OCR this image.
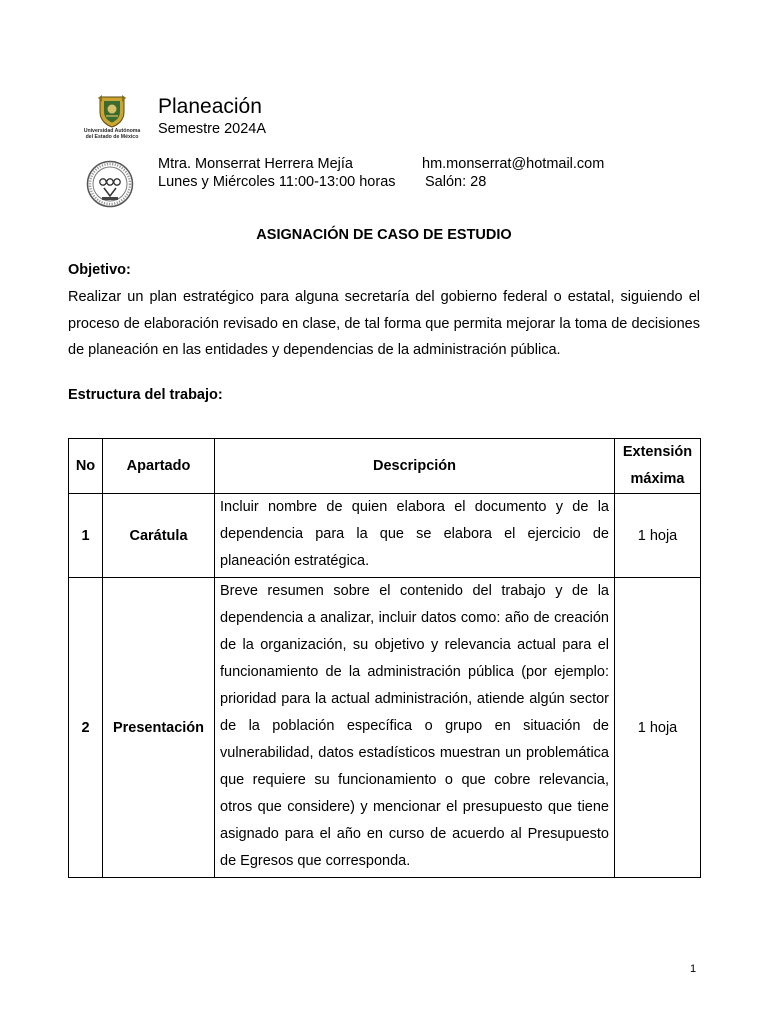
Universidad Autónoma
del Estado de México
Planeación
Semestre 2024A
Mtra. Monserrat Herrera Mejía	hm.monserrat@hotmail.com
Lunes y Miércoles 11:00-13:00 horas Salón: 28
ASIGNACIÓN DE CASO DE ESTUDIO
Objetivo:
Realizar un plan estratégico para alguna secretaría del gobierno federal o estatal, siguiendo el proceso de elaboración revisado en clase, de tal forma que permita mejorar la toma de decisiones de planeación en las entidades y dependencias de la administración pública.
Estructura del trabajo:
No	Apartado	Descripción	Extensión máxima
1	Carátula	Incluir nombre de quien elabora el documento y de la dependencia para la que se elabora el ejercicio de planeación estratégica.	1 hoja
2	Presentación	Breve resumen sobre el contenido del trabajo y de la dependencia a analizar, incluir datos como: año de creación de la organización, su objetivo y relevancia actual para el funcionamiento de la administración pública (por ejemplo: prioridad para la actual administración, atiende algún sector de la población específica o grupo en situación de vulnerabilidad, datos estadísticos muestran un problemática que requiere su funcionamiento o que cobre relevancia, otros que considere) y mencionar el presupuesto que tiene asignado para el año en curso de acuerdo al Presupuesto de Egresos que corresponda.	1 hoja
1
